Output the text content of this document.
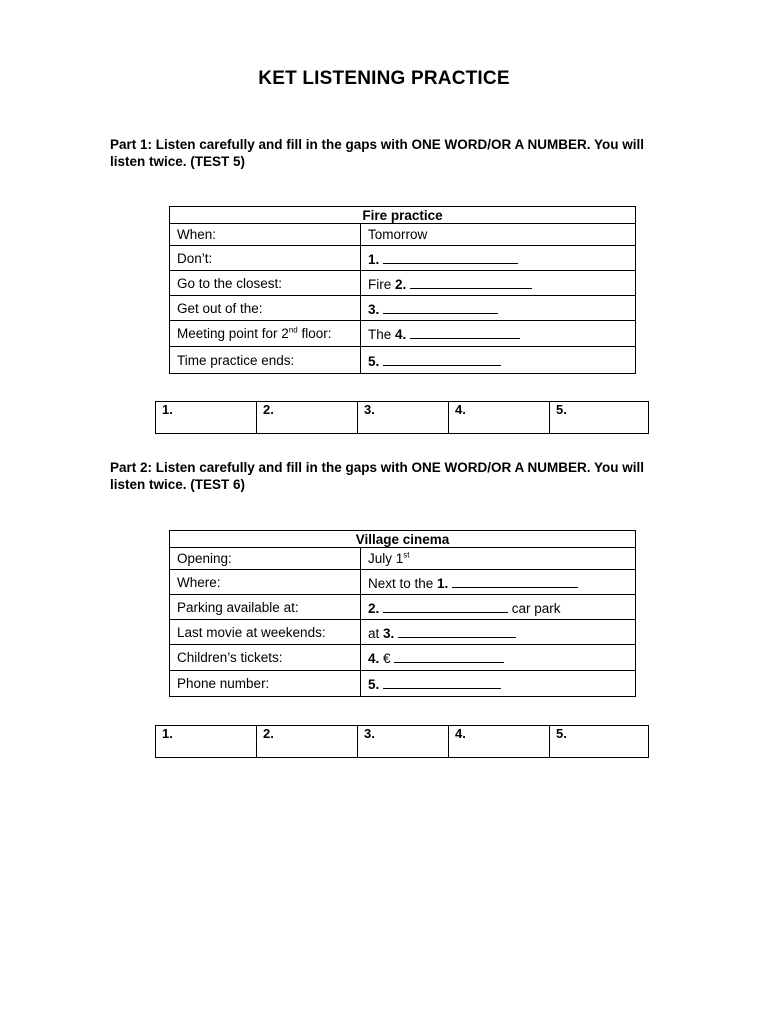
KET LISTENING PRACTICE
Part 1: Listen carefully and fill in the gaps with ONE WORD/OR A NUMBER. You will listen twice. (TEST 5)
Fire practice	
When:	Tomorrow
Don’t:	1.
Go to the closest:	Fire 2.
Get out of the:	3.
Meeting point for 2nd floor:	The 4.
Time practice ends:	5.
1.	2.	3.	4.	5.
Part 2: Listen carefully and fill in the gaps with ONE WORD/OR A NUMBER. You will listen twice. (TEST 6)
Village cinema	
Opening:	July 1st
Where:	Next to the 1.
Parking available at:	2. car park
Last movie at weekends:	at 3.
Children’s tickets:	4. €
Phone number:	5.
1.	2.	3.	4.	5.
